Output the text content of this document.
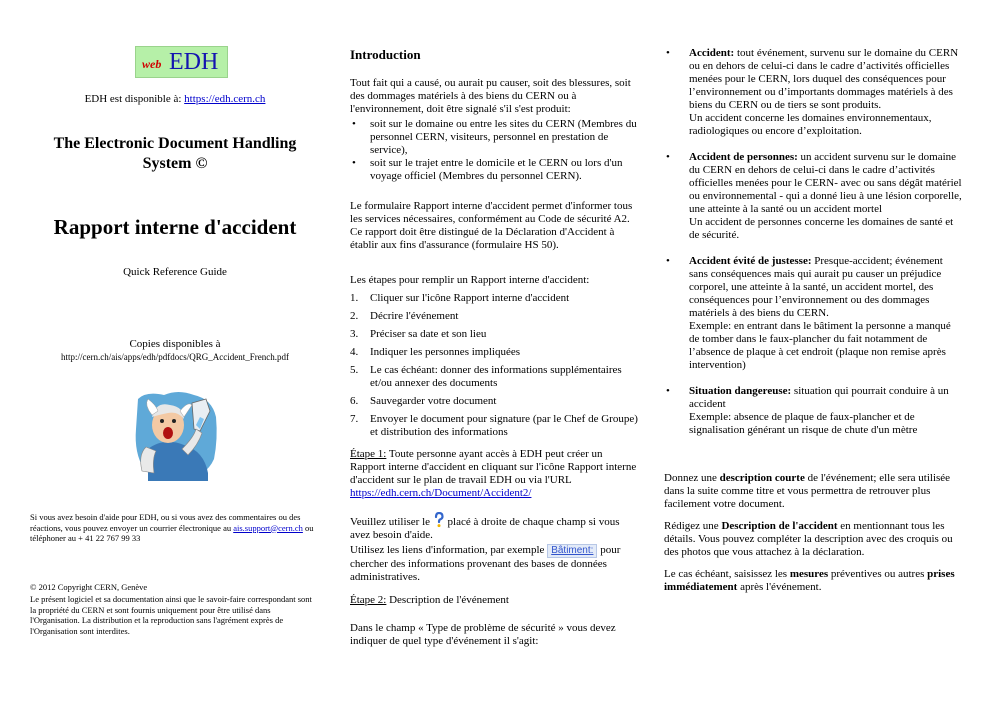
web EDH

EDH est disponible à: https://edh.cern.ch

The Electronic Document Handling System ©

Rapport interne d'accident

Quick Reference Guide

Copies disponibles à

http://cern.ch/ais/apps/edh/pdfdocs/QRG_Accident_French.pdf

Si vous avez besoin d'aide pour EDH, ou si vous avez des commentaires ou des réactions, vous pouvez envoyer un courrier électronique au ais.support@cern.ch ou téléphoner au + 41 22 767 99 33

© 2012 Copyright CERN, Genève

Le présent logiciel et sa documentation ainsi que le savoir-faire correspondant sont la propriété du CERN et sont fournis uniquement pour être utilisé dans l'Organisation. La distribution et la reproduction sans l'agrément exprès de l'Organisation sont interdites.

Introduction

Tout fait qui a causé, ou aurait pu causer, soit des blessures, soit des dommages matériels à des biens du CERN ou à l'environnement, doit être signalé s'il s'est produit:

• soit sur le domaine ou entre les sites du CERN (Membres du personnel CERN, visiteurs, personnel en prestation de service),
• soit sur le trajet entre le domicile et le CERN ou lors d'un voyage officiel (Membres du personnel CERN).

Le formulaire Rapport interne d'accident permet d'informer tous les services nécessaires, conformément au Code de sécurité A2.
Ce rapport doit être distingué de la Déclaration d'Accident à établir aux fins d'assurance (formulaire HS 50).

Les étapes pour remplir un Rapport interne d'accident:

1. Cliquer sur l'icône Rapport interne d'accident
2. Décrire l'événement
3. Préciser sa date et son lieu
4. Indiquer les personnes impliquées
5. Le cas échéant: donner des informations supplémentaires et/ou annexer des documents
6. Sauvegarder votre document
7. Envoyer le document pour signature (par le Chef de Groupe) et distribution des informations

Étape 1: Toute personne ayant accès à EDH peut créer un Rapport interne d'accident en cliquant sur l'icône Rapport interne d'accident sur le plan de travail EDH ou via l'URL https://edh.cern.ch/Document/Accident2/

Veuillez utiliser le  placé à droite de chaque champ si vous avez besoin d'aide.

Utilisez les liens d'information, par exemple Bâtiment: pour chercher des informations provenant des bases de données administratives.

Étape 2: Description de l'événement

Dans le champ « Type de problème de sécurité » vous devez indiquer de quel type d'événement il s'agit:

• Accident: tout événement, survenu sur le domaine du CERN ou en dehors de celui-ci dans le cadre d’activités officielles menées pour le CERN, lors duquel des conséquences pour l’environnement ou d’importants dommages matériels à des biens du CERN ou de tiers se sont produits.
Un accident concerne les domaines environnementaux, radiologiques ou encore d’exploitation.
• Accident de personnes: un accident survenu sur le domaine du CERN en dehors de celui-ci dans le cadre d’activités officielles menées pour le CERN- avec ou sans dégât matériel ou environnemental - qui a donné lieu à une lésion corporelle, une atteinte à la santé ou un accident mortel
Un accident de personnes concerne les domaines de santé et de sécurité.
• Accident évité de justesse: Presque-accident; événement sans conséquences mais qui aurait pu causer un préjudice corporel, une atteinte à la santé, un accident mortel, des conséquences pour l’environnement ou des dommages matériels à des biens du CERN.
Exemple: en entrant dans le bâtiment la personne a manqué de tomber dans le faux-plancher du fait notamment de l’absence de plaque à cet endroit (plaque non remise après intervention)
• Situation dangereuse: situation qui pourrait conduire à un accident
Exemple: absence de plaque de faux-plancher et de signalisation générant un risque de chute d'un mètre

Donnez une description courte de l'événement; elle sera utilisée dans la suite comme titre et vous permettra de retrouver plus facilement votre document.

Rédigez une Description de l'accident en mentionnant tous les détails. Vous pouvez compléter la description avec des croquis ou des photos que vous attachez à la déclaration.

Le cas échéant, saisissez les mesures préventives ou autres prises immédiatement après l'événement.
